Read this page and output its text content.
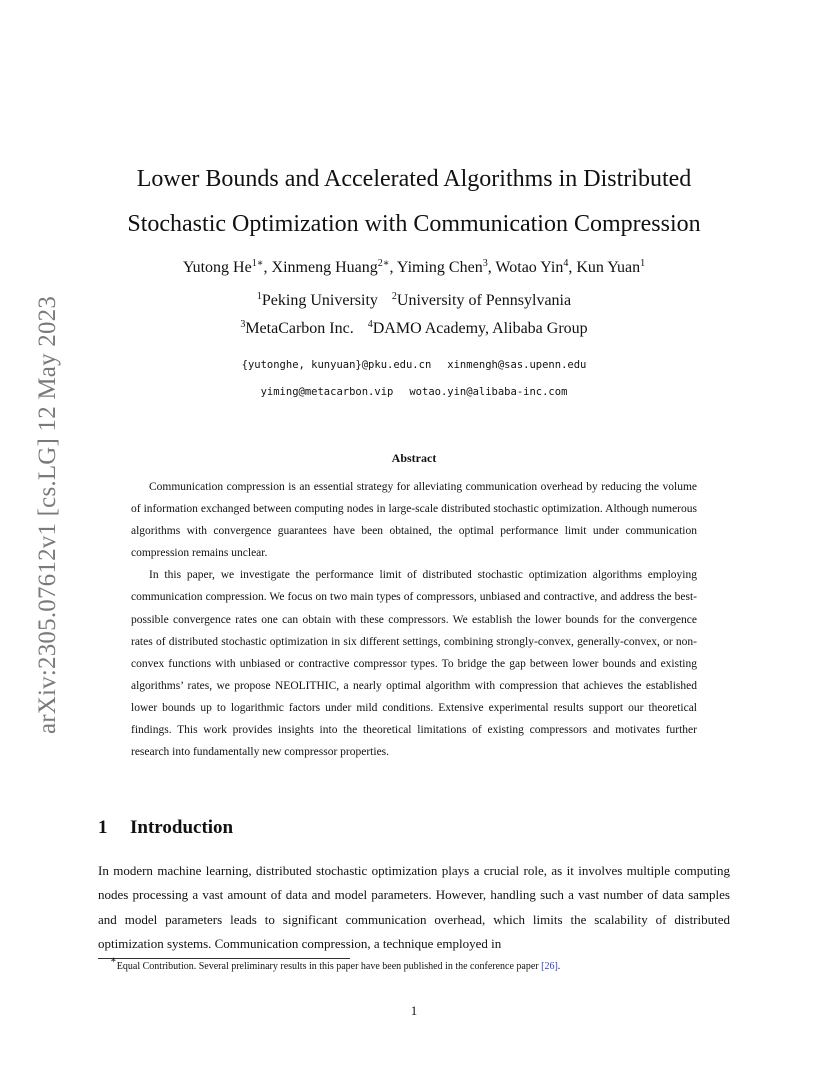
arXiv:2305.07612v1 [cs.LG] 12 May 2023
Lower Bounds and Accelerated Algorithms in Distributed
Stochastic Optimization with Communication Compression
Yutong $He^{1∗}$, Xinmeng Huang$^{2∗}$, Yiming Chen$^3$, Wotao Yin$^4$, Kun Yuan$^1$
$^1$Peking University $^2$University of Pennsylvania
$^3$MetaCarbon Inc. $^4$DAMO Academy, Alibaba Group
{yutonghe, kunyuan}@pku.edu.cn xinmengh@sas.upenn.edu
yiming@metacarbon.vip wotao.yin@alibaba-inc.com
Abstract

Communication compression is an essential strategy for alleviating communication overhead by reducing the volume of information exchanged between computing nodes in large-scale distributed stochastic optimization. Although numerous algorithms with convergence guarantees have been obtained, the optimal performance limit under communication compression remains unclear.

In this paper, we investigate the performance limit of distributed stochastic optimization algorithms employing communication compression. We focus on two main types of compressors, unbiased and contractive, and address the best-possible convergence rates one can obtain with these compressors. We establish the lower bounds for the convergence rates of distributed stochastic optimization in six different settings, combining strongly-convex, generally-convex, or non-convex functions with unbiased or contractive compressor types. To bridge the gap between lower bounds and existing algorithms’ rates, we propose NEOLITHIC, a nearly optimal algorithm with compression that achieves the established lower bounds up to logarithmic factors under mild conditions. Extensive experimental results support our theoretical findings. This work provides insights into the theoretical limitations of existing compressors and motivates further research into fundamentally new compressor properties.

1 Introduction

In modern machine learning, distributed stochastic optimization plays a crucial role, as it involves multiple computing nodes processing a vast amount of data and model parameters. However, handling such a vast number of data samples and model parameters leads to significant communication overhead, which limits the scalability of distributed optimization systems. Communication compression, a technique employed in

∗Equal Contribution. Several preliminary results in this paper have been published in the conference paper [26].
1
